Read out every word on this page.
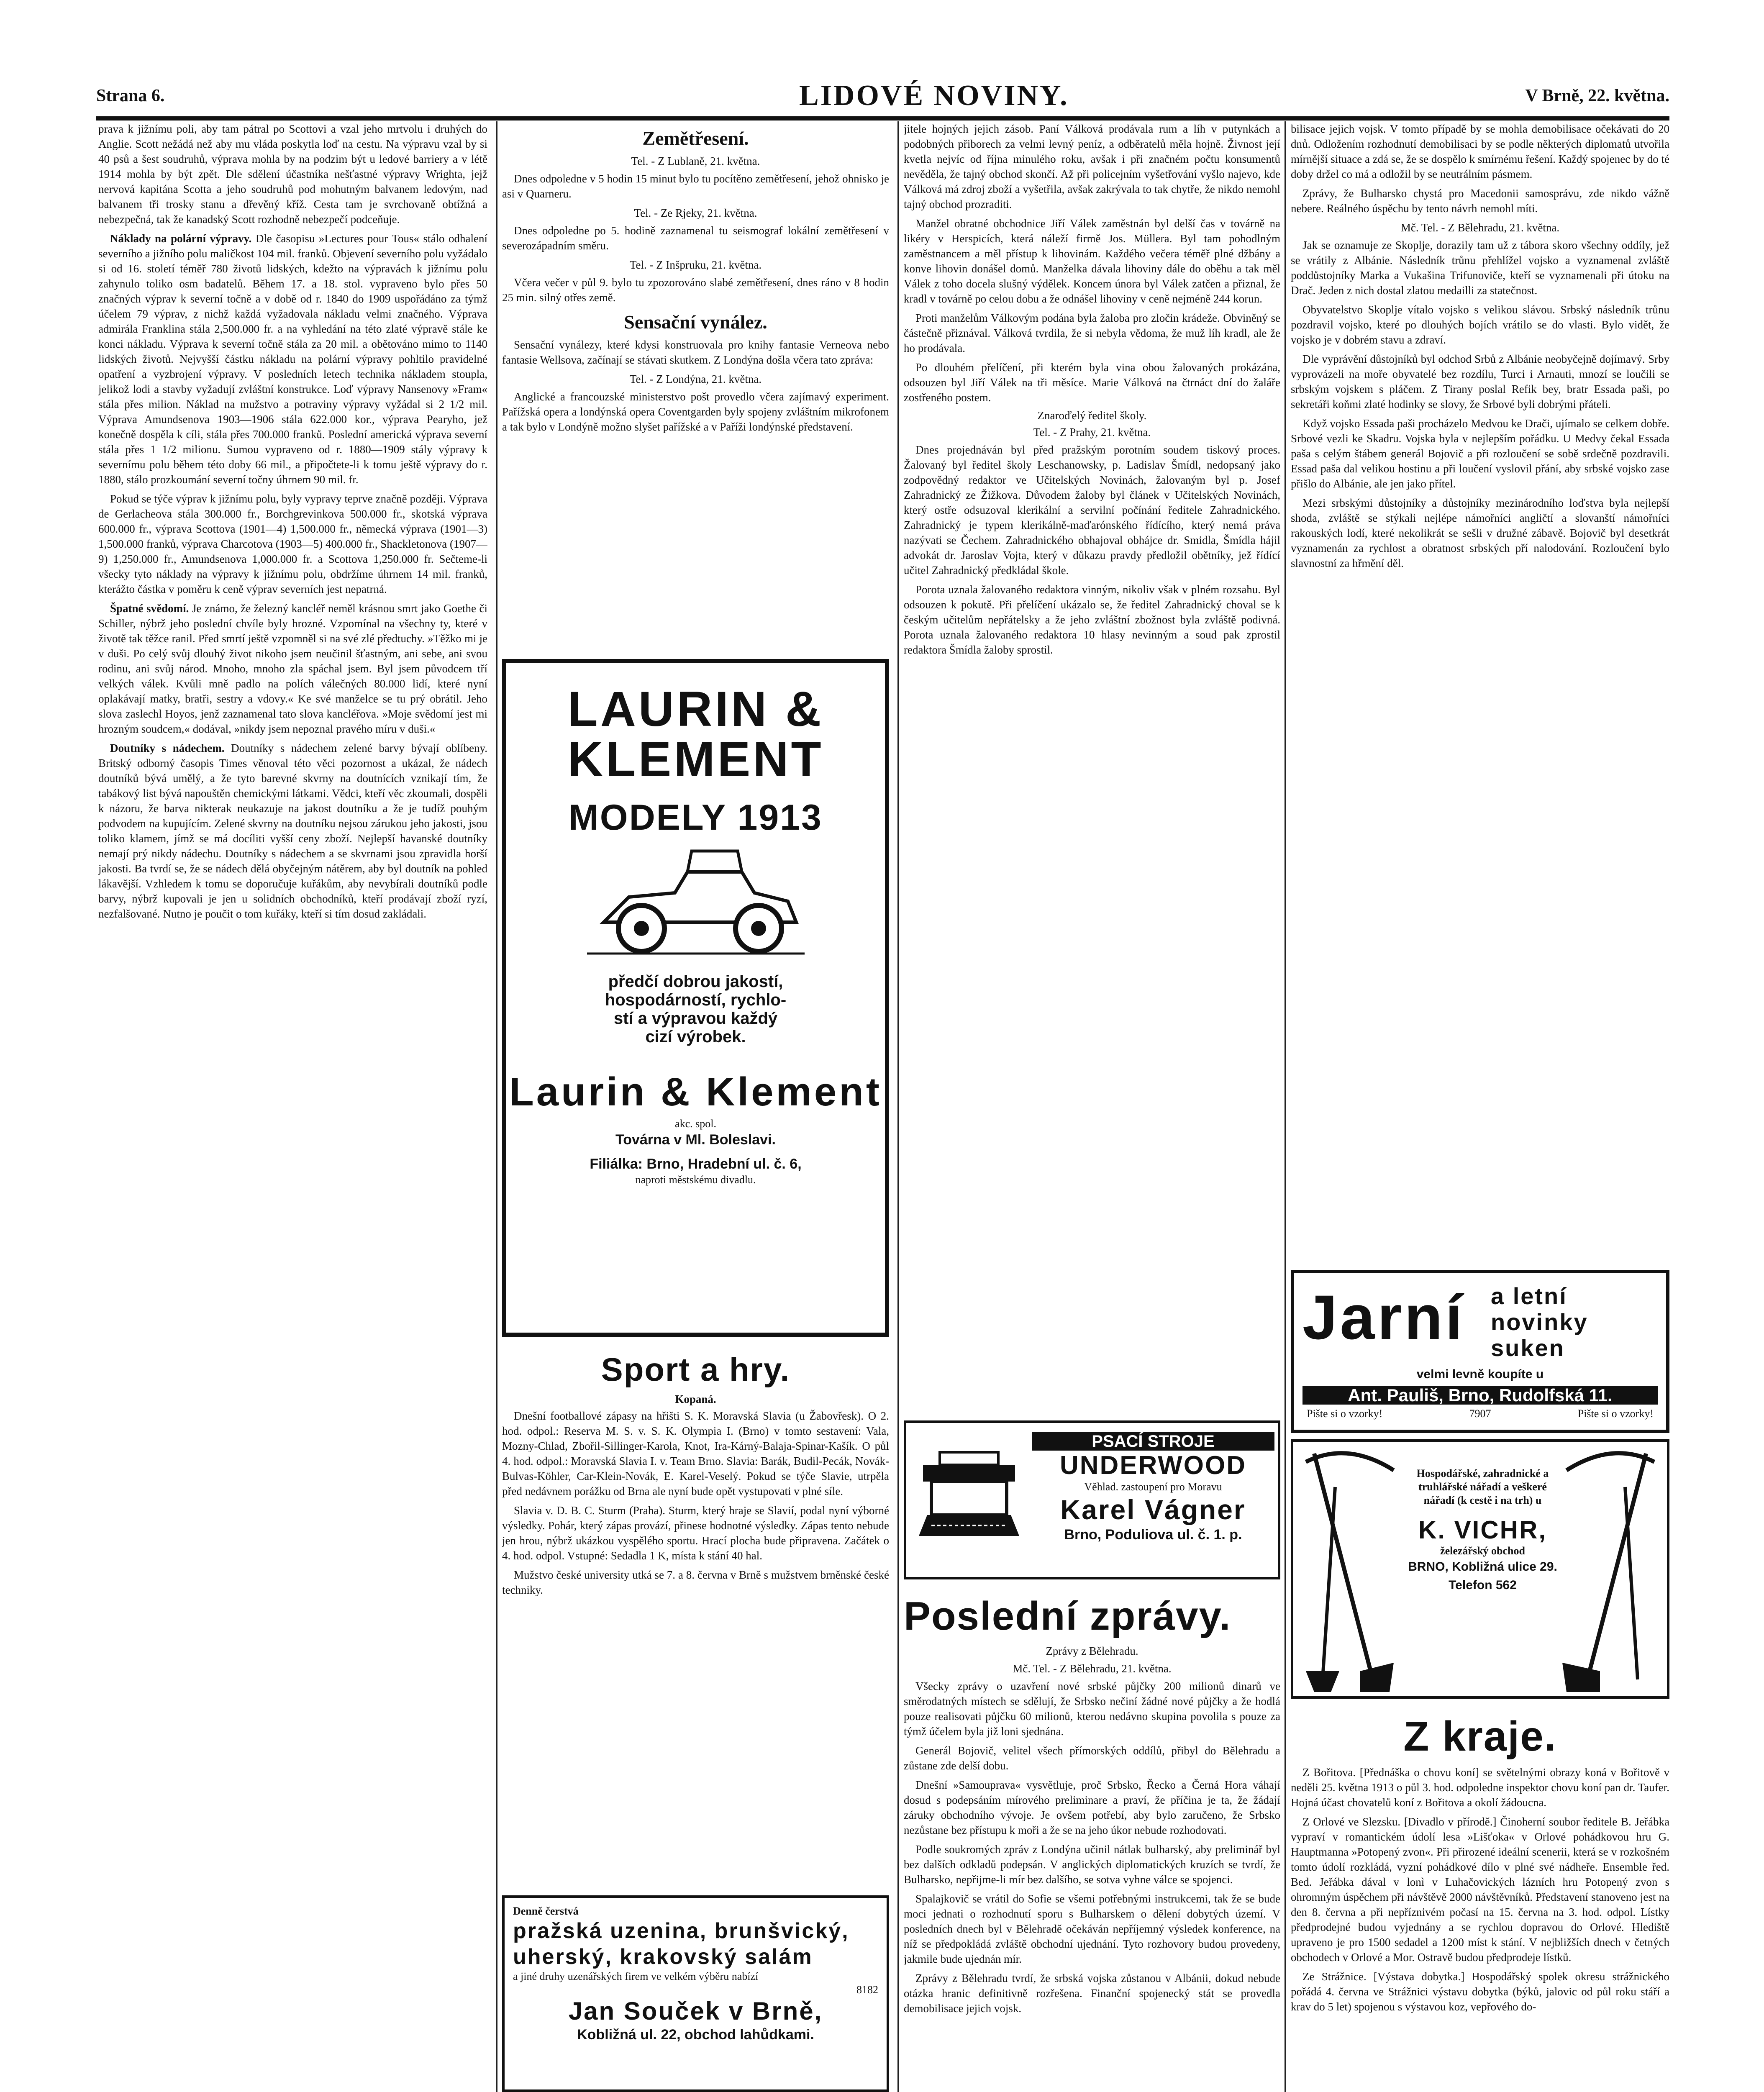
Strana 6.	LIDOVÉ NOVINY.	V Brně, 22. května.

prava k jižnímu poli, aby tam pátral po Scottovi a vzal jeho mrtvolu i druhých do Anglie. Scott nežádá než aby mu vláda poskytla loď na cestu. Na výpravu vzal by si 40 psů a šest soudruhů, výprava mohla by na podzim být u ledové barriery a v létě 1914 mohla by být zpět. Dle sdělení účastníka nešťastné výpravy Wrighta, jejž nervová kapitána Scotta a jeho soudruhů pod mohutným balvanem ledovým, nad balvanem tři trosky stanu a dřevěný kříž. Cesta tam je svrchovaně obtížná a nebezpečná, tak že kanadský Scott rozhodně nebezpečí podceňuje.

Náklady na polární výpravy. Dle časopisu »Lectures pour Tous« stálo odhalení severního a jižního polu maličkost 104 mil. franků. Objevení severního polu vyžádalo si od 16. století téměř 780 životů lidských, kdežto na výpravách k jižnímu polu zahynulo toliko osm badatelů. Během 17. a 18. stol. vypraveno bylo přes 50 značných výprav k severní točně a v době od r. 1840 do 1909 uspořádáno za týmž účelem 79 výprav, z nichž každá vyžadovala nákladu velmi značného. Výprava admirála Franklina stála 2,500.000 fr. a na vyhledání na této zlaté výpravě stále ke konci nákladu. Výprava k severní točně stála za 20 mil. a obětováno mimo to 1140 lidských životů. Nejvyšší částku nákladu na polární výpravy pohltilo pravidelné opatření a vyzbrojení výpravy. V posledních letech technika nákladem stoupla, jelikož lodi a stavby vyžadují zvláštní konstrukce. Loď výpravy Nansenovy »Fram« stála přes milion. Náklad na mužstvo a potraviny výpravy vyžádal si 2 1/2 mil. Výprava Amundsenova 1903—1906 stála 622.000 kor., výprava Pearyho, jež konečně dospěla k cíli, stála přes 700.000 franků. Poslední americká výprava severní stála přes 1 1/2 milionu. Sumou vypraveno od r. 1880—1909 stály výpravy k severnímu polu během této doby 66 mil., a připočtete-li k tomu ještě výpravy do r. 1880, stálo prozkoumání severní točny úhrnem 90 mil. fr.

Pokud se týče výprav k jižnímu polu, byly vypravy teprve značně později. Výprava de Gerlacheova stála 300.000 fr., Borchgrevinkova 500.000 fr., skotská výprava 600.000 fr., výprava Scottova (1901—4) 1,500.000 fr., německá výprava (1901—3) 1,500.000 franků, výprava Charcotova (1903—5) 400.000 fr., Shackletonova (1907—9) 1,250.000 fr., Amundsenova 1,000.000 fr. a Scottova 1,250.000 fr. Sečteme-li všecky tyto náklady na výpravy k jižnímu polu, obdržíme úhrnem 14 mil. franků, kterážto částka v poměru k ceně výprav severních jest nepatrná.

Špatné svědomí. Je známo, že železný kancléř neměl krásnou smrt jako Goethe či Schiller, nýbrž jeho poslední chvíle byly hrozné. Vzpomínal na všechny ty, které v životě tak těžce ranil. Před smrtí ještě vzpomněl si na své zlé předtuchy. »Těžko mi je v duši. Po celý svůj dlouhý život nikoho jsem neučinil šťastným, ani sebe, ani svou rodinu, ani svůj národ. Mnoho, mnoho zla spáchal jsem. Byl jsem původcem tří velkých válek. Kvůli mně padlo na polích válečných 80.000 lidí, které nyní oplakávají matky, bratři, sestry a vdovy.« Ke své manželce se tu prý obrátil. Jeho slova zaslechl Hoyos, jenž zaznamenal tato slova kancléřova. »Moje svědomí jest mi hrozným soudcem,« dodával, »nikdy jsem nepoznal pravého míru v duši.«

Doutníky s nádechem. Doutníky s nádechem zelené barvy bývají oblíbeny. Britský odborný časopis Times věnoval této věci pozornost a ukázal, že nádech doutníků bývá umělý, a že tyto barevné skvrny na doutnících vznikají tím, že tabákový list bývá napouštěn chemickými látkami. Vědci, kteří věc zkoumali, dospěli k názoru, že barva nikterak neukazuje na jakost doutníku a že je tudíž pouhým podvodem na kupujícím. Zelené skvrny na doutníku nejsou zárukou jeho jakosti, jsou toliko klamem, jímž se má docíliti vyšší ceny zboží. Nejlepší havanské doutníky nemají prý nikdy nádechu. Doutníky s nádechem a se skvrnami jsou zpravidla horší jakosti. Ba tvrdí se, že se nádech dělá obyčejným nátěrem, aby byl doutník na pohled lákavější. Vzhledem k tomu se doporučuje kuřákům, aby nevybírali doutníků podle barvy, nýbrž kupovali je jen u solidních obchodníků, kteří prodávají zboží ryzí, nezfalšované. Nutno je poučit o tom kuřáky, kteří si tím dosud zakládali.

Zemětřesení.
Tel. - Z Lublaně, 21. května.

Dnes odpoledne v 5 hodin 15 minut bylo tu pocítěno zemětřesení, jehož ohnisko je asi v Quarneru.

Tel. - Ze Rjeky, 21. května.

Dnes odpoledne po 5. hodině zaznamenal tu seismograf lokální zemětřesení v severozápadním směru.

Tel. - Z Inšpruku, 21. května.

Včera večer v půl 9. bylo tu zpozorováno slabé zemětřesení, dnes ráno v 8 hodin 25 min. silný otřes země.

Sensační vynález.

Sensační vynálezy, které kdysi konstruovala pro knihy fantasie Verneova nebo fantasie Wellsova, začínají se stávati skutkem. Z Londýna došla včera tato zpráva:

Tel. - Z Londýna, 21. května.

Anglické a francouzské ministerstvo pošt provedlo včera zajímavý experiment. Pařížská opera a londýnská opera Coventgarden byly spojeny zvláštním mikrofonem a tak bylo v Londýně možno slyšet pařížské a v Paříži londýnské představení.

LAURIN &
KLEMENT
MODELY 1913
předčí dobrou jakostí,
hospodárností, rychlo-
stí a výpravou každý
cizí výrobek.
Laurin & Klement
akc. spol.
Továrna v Ml. Boleslavi.
Filiálka: Brno, Hradební ul. č. 6,
naproti městskému divadlu.
Sport a hry.
Kopaná.

Dnešní footballové zápasy na hřišti S. K. Moravská Slavia (u Žabovřesk). O 2. hod. odpol.: Reserva M. S. v. S. K. Olympia I. (Brno) v tomto sestavení: Vala, Mozny-Chlad, Zbořil-Sillinger-Karola, Knot, Ira-Kárný-Balaja-Spinar-Kašík. O půl 4. hod. odpol.: Moravská Slavia I. v. Team Brno. Slavia: Barák, Budil-Pecák, Novák-Bulvas-Köhler, Car-Klein-Novák, E. Karel-Veselý. Pokud se týče Slavie, utrpěla před nedávnem porážku od Brna ale nyní bude opět vystupovati v plné síle.

Slavia v. D. B. C. Sturm (Praha). Sturm, který hraje se Slavií, podal nyní výborné výsledky. Pohár, který zápas provází, přinese hodnotné výsledky. Zápas tento nebude jen hrou, nýbrž ukázkou vyspělého sportu. Hrací plocha bude připravena. Začátek o 4. hod. odpol. Vstupné: Sedadla 1 K, místa k stání 40 hal.

Mužstvo české university utká se 7. a 8. června v Brně s mužstvem brněnské české techniky.

Denně čerstvá
pražská uzenina, brunšvický, uherský, krakovský salám
a jiné druhy uzenářských firem ve velkém výběru nabízí
8182
Jan Souček v Brně,
Kobližná ul. 22, obchod lahůdkami.

jitele hojných jejich zásob. Paní Válková prodávala rum a líh v putynkách a podobných přiborech za velmi levný peníz, a odběratelů měla hojně. Živnost její kvetla nejvíc od října minulého roku, avšak i při značném počtu konsumentů nevěděla, že tajný obchod skončí. Až při policejním vyšetřování vyšlo najevo, kde Válková má zdroj zboží a vyšetřila, avšak zakrývala to tak chytře, že nikdo nemohl tajný obchod prozraditi.

Manžel obratné obchodnice Jiří Válek zaměstnán byl delší čas v továrně na likéry v Herspicích, která náleží firmě Jos. Müllera. Byl tam pohodlným zaměstnancem a měl přístup k lihovinám. Každého večera téměř plné džbány a konve lihovin donášel domů. Manželka dávala lihoviny dále do oběhu a tak měl Válek z toho docela slušný výdělek. Koncem února byl Válek zatčen a přiznal, že kradl v továrně po celou dobu a že odnášel lihoviny v ceně nejméně 244 korun.

Proti manželům Válkovým podána byla žaloba pro zločin krádeže. Obviněný se částečně přiznával. Válková tvrdila, že si nebyla vědoma, že muž líh kradl, ale že ho prodávala.

Po dlouhém přelíčení, při kterém byla vina obou žalovaných prokázána, odsouzen byl Jiří Válek na tři měsíce. Marie Válková na čtrnáct dní do žaláře zostřeného postem.

Znaroďelý ředitel školy.
Tel. - Z Prahy, 21. května.

Dnes projednáván byl před pražským porotním soudem tiskový proces. Žalovaný byl ředitel školy Leschanowsky, p. Ladislav Šmídl, nedopsaný jako zodpovědný redaktor ve Učitelských Novinách, žalovaným byl p. Josef Zahradnický ze Žižkova. Důvodem žaloby byl článek v Učitelských Novinách, který ostře odsuzoval klerikální a servilní počínání ředitele Zahradnického. Zahradnický je typem klerikálně-maďarónského řídícího, který nemá práva nazývati se Čechem. Zahradnického obhajoval obhájce dr. Smidla, Šmídla hájil advokát dr. Jaroslav Vojta, který v důkazu pravdy předložil obětníky, jež řídící učitel Zahradnický předkládal škole.

Porota uznala žalovaného redaktora vinným, nikoliv však v plném rozsahu. Byl odsouzen k pokutě. Při přelíčení ukázalo se, že ředitel Zahradnický choval se k českým učitelům nepřátelsky a že jeho zvláštní zbožnost byla zvláště podivná. Porota uznala žalovaného redaktora 10 hlasy nevinným a soud pak zprostil redaktora Šmídla žaloby sprostil.

PSACÍ STROJE
UNDERWOOD
Věhlad. zastoupení pro Moravu
Karel Vágner
Brno, Poduliova ul. č. 1. p.
Poslední zprávy.
Zprávy z Bělehradu.
Mč. Tel. - Z Bělehradu, 21. května.

Všecky zprávy o uzavření nové srbské půjčky 200 milionů dinarů ve směrodatných místech se sdělují, že Srbsko nečiní žádné nové půjčky a že hodlá pouze realisovati půjčku 60 milionů, kterou nedávno skupina povolila s pouze za týmž účelem byla již loni sjednána.

Generál Bojovič, velitel všech přímorských oddílů, přibyl do Bělehradu a zůstane zde delší dobu.

Dnešní »Samouprava« vysvětluje, proč Srbsko, Řecko a Černá Hora váhají dosud s podepsáním mírového preliminare a praví, že příčina je ta, že žádají záruky obchodního vývoje. Je ovšem potřebí, aby bylo zaručeno, že Srbsko nezůstane bez přístupu k moři a že se na jeho úkor nebude rozhodovati.

Podle soukromých zpráv z Londýna učinil nátlak bulharský, aby preliminář byl bez dalších odkladů podepsán. V anglických diplomatických kruzích se tvrdí, že Bulharsko, nepřijme-li mír bez dalšího, se sotva vyhne válce se spojenci.

Spalajkovič se vrátil do Sofie se všemi potřebnými instrukcemi, tak že se bude moci jednati o rozhodnutí sporu s Bulharskem o dělení dobytých území. V posledních dnech byl v Bělehradě očekáván nepříjemný výsledek konference, na níž se předpokládá zvláště obchodní ujednání. Tyto rozhovory budou provedeny, jakmile bude ujednán mír.

Zprávy z Bělehradu tvrdí, že srbská vojska zůstanou v Albánii, dokud nebude otázka hranic definitivně rozřešena. Finanční spojenecký stát se provedla demobilisace jejich vojsk.

bilisace jejich vojsk. V tomto případě by se mohla demobilisace očekávati do 20 dnů. Odložením rozhodnutí demobilisaci by se podle některých diplomatů utvořila mírnější situace a zdá se, že se dospělo k smírnému řešení. Každý spojenec by do té doby držel co má a odložil by se neutrálním pásmem.

Zprávy, že Bulharsko chystá pro Macedonii samosprávu, zde nikdo vážně nebere. Reálného úspěchu by tento návrh nemohl míti.

Mč. Tel. - Z Bělehradu, 21. května.

Jak se oznamuje ze Skoplje, dorazily tam už z tábora skoro všechny oddíly, jež se vrátily z Albánie. Následník trůnu přehlížel vojsko a vyznamenal zvláště poddůstojníky Marka a Vukašina Trifunoviče, kteří se vyznamenali při útoku na Drač. Jeden z nich dostal zlatou medailli za statečnost.

Obyvatelstvo Skoplje vítalo vojsko s velikou slávou. Srbský následník trůnu pozdravil vojsko, které po dlouhých bojích vrátilo se do vlasti. Bylo vidět, že vojsko je v dobrém stavu a zdraví.

Dle vyprávění důstojníků byl odchod Srbů z Albánie neobyčejně dojímavý. Srby vyprovázeli na moře obyvatelé bez rozdílu, Turci i Arnauti, mnozí se loučili se srbským vojskem s pláčem. Z Tirany poslal Refik bey, bratr Essada paši, po sekretáři koňmi zlaté hodinky se slovy, že Srbové byli dobrými přáteli.

Když vojsko Essada paši procházelo Medvou ke Drači, ujímalo se celkem dobře. Srbové vezli ke Skadru. Vojska byla v nejlepším pořádku. U Medvy čekal Essada paša s celým štábem generál Bojovič a při rozloučení se sobě srdečně pozdravili. Essad paša dal velikou hostinu a při loučení vyslovil přání, aby srbské vojsko zase přišlo do Albánie, ale jen jako přítel.

Mezi srbskými důstojníky a důstojníky mezinárodního loďstva byla nejlepší shoda, zvláště se stýkali nejlépe námořníci angličtí a slovanští námořníci rakouských lodí, které nekolikrát se sešli v družné zábavě. Bojovič byl desetkrát vyznamenán za rychlost a obratnost srbských pří nalodování. Rozloučení bylo slavnostní za hřmění děl.

Jarní a letní
novinky
suken
velmi levně koupíte u
Ant. Pauliš, Brno, Rudolfská 11.
Pište si o vzorky!	7907	Pište si o vzorky!
Hospodářské, zahradnické a truhlářské nářadí a veškeré nářadí (k cestě i na trh) u
K. VICHR,
železářský obchod
BRNO, Kobližná ulice 29.
Telefon 562
Z kraje.

Z Bořitova. [Přednáška o chovu koní] se světelnými obrazy koná v Bořitově v neděli 25. května 1913 o půl 3. hod. odpoledne inspektor chovu koní pan dr. Taufer. Hojná účast chovatelů koní z Bořitova a okolí žádoucna.

Z Orlové ve Slezsku. [Divadlo v přírodě.] Činoherní soubor ředitele B. Jeřábka vypraví v romantickém údolí lesa »Lišťoka« v Orlové pohádkovou hru G. Hauptmanna »Potopený zvon«. Při přirozené ideální scenerii, která se v rozkošném tomto údolí rozkládá, vyzní pohádkové dílo v plné své nádheře. Ensemble řed. Bed. Jeřábka dával v lonì v Luhačovických lázních hru Potopený zvon s ohromným úspěchem při návštěvě 2000 návštěvníků. Představení stanoveno jest na den 8. června a při nepříznivém počasí na 15. června na 3. hod. odpol. Lístky předprodejné budou vyjednány a se rychlou dopravou do Orlové. Hlediště upraveno je pro 1500 sedadel a 1200 míst k stání. V nejbližších dnech v četných obchodech v Orlové a Mor. Ostravě budou předprodeje lístků.

Ze Strážnice. [Výstava dobytka.] Hospodářský spolek okresu strážnického pořádá 4. června ve Strážnici výstavu dobytka (býků, jalovic od půl roku stáří a krav do 5 let) spojenou s výstavou koz, vepřového do-
